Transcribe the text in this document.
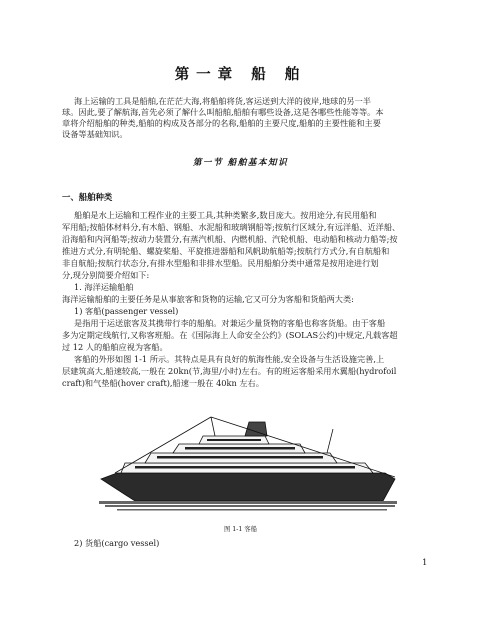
第一章 船 舶
海上运输的工具是船舶,在茫茫大海,将船舶将货,客运送到大洋的彼岸,地球的另一半
球。因此,要了解航海,首先必须了解什么叫船舶,船舶有哪些设备,这是各哪些性能等等。本
章将介绍船舶的种类,船舶的构成及各部分的名称,船舶的主要尺度,船舶的主要性能和主要
设备等基础知识。
第一节 船舶基本知识
一、船舶种类
船舶是水上运输和工程作业的主要工具,其种类繁多,数目庞大。按用途分,有民用船和
军用船;按船体材料分,有木船、钢船、水泥船和玻璃钢船等;按航行区域分,有远洋船、近洋船、
沿海船和内河船等;按动力装置分,有蒸汽机船、内燃机船、汽轮机船、电动船和核动力船等;按
推进方式分,有明轮船、螺旋桨船、平旋推进器船和风帆助航船等;按航行方式分,有自航船和
非自航船;按航行状态分,有排水型船和非排水型船。民用船舶分类中通常是按用途进行划
分,现分别简要介绍如下:
1. 海洋运输船舶
海洋运输船舶的主要任务是从事旅客和货物的运输,它又可分为客船和货船两大类:
1) 客船(passenger vessel)
是指用于运送旅客及其携带行李的船舶。对兼运少量货物的客船也称客货船。由于客船
多为定期定线航行,又称客班船。在《国际海上人命安全公约》(SOLAS公约)中规定,凡载客超
过 12 人的船舶应视为客船。
客船的外形如图 1-1 所示。其特点是具有良好的航海性能,安全设备与生活设施完善,上
层建筑高大,船速较高,一般在 20kn(节,海里/小时)左右。有的班运客船采用水翼船(hydrofoil
craft)和气垫船(hover craft),船速一般在 40kn 左右。
图 1-1 客船
2) 货船(cargo vessel)
1
